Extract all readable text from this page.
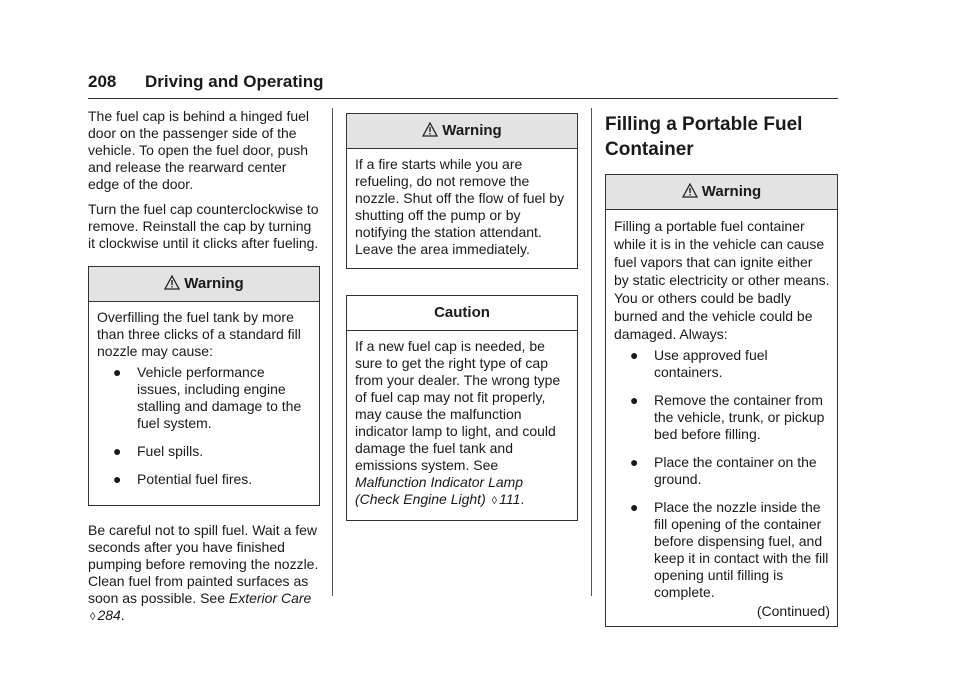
208 Driving and Operating

The fuel cap is behind a hinged fuel door on the passenger side of the vehicle. To open the fuel door, push and release the rearward center edge of the door.

Turn the fuel cap counterclockwise to remove. Reinstall the cap by turning it clockwise until it clicks after fueling.

Warning

Overfilling the fuel tank by more than three clicks of a standard fill nozzle may cause:

● Vehicle performance issues, including engine stalling and damage to the fuel system.
● Fuel spills.
● Potential fuel fires.

Be careful not to spill fuel. Wait a few seconds after you have finished pumping before removing the nozzle. Clean fuel from painted surfaces as soon as possible. See Exterior Care ◊ 284.

Warning

If a fire starts while you are refueling, do not remove the nozzle. Shut off the flow of fuel by shutting off the pump or by notifying the station attendant. Leave the area immediately.

Caution

If a new fuel cap is needed, be sure to get the right type of cap from your dealer. The wrong type of fuel cap may not fit properly, may cause the malfunction indicator lamp to light, and could damage the fuel tank and emissions system. See Malfunction Indicator Lamp (Check Engine Light) ◊ 111.

Filling a Portable Fuel Container
Warning

Filling a portable fuel container while it is in the vehicle can cause fuel vapors that can ignite either by static electricity or other means. You or others could be badly burned and the vehicle could be damaged. Always:

● Use approved fuel containers.
● Remove the container from the vehicle, trunk, or pickup bed before filling.
● Place the container on the ground.
● Place the nozzle inside the fill opening of the container before dispensing fuel, and keep it in contact with the fill opening until filling is complete.
(Continued)
